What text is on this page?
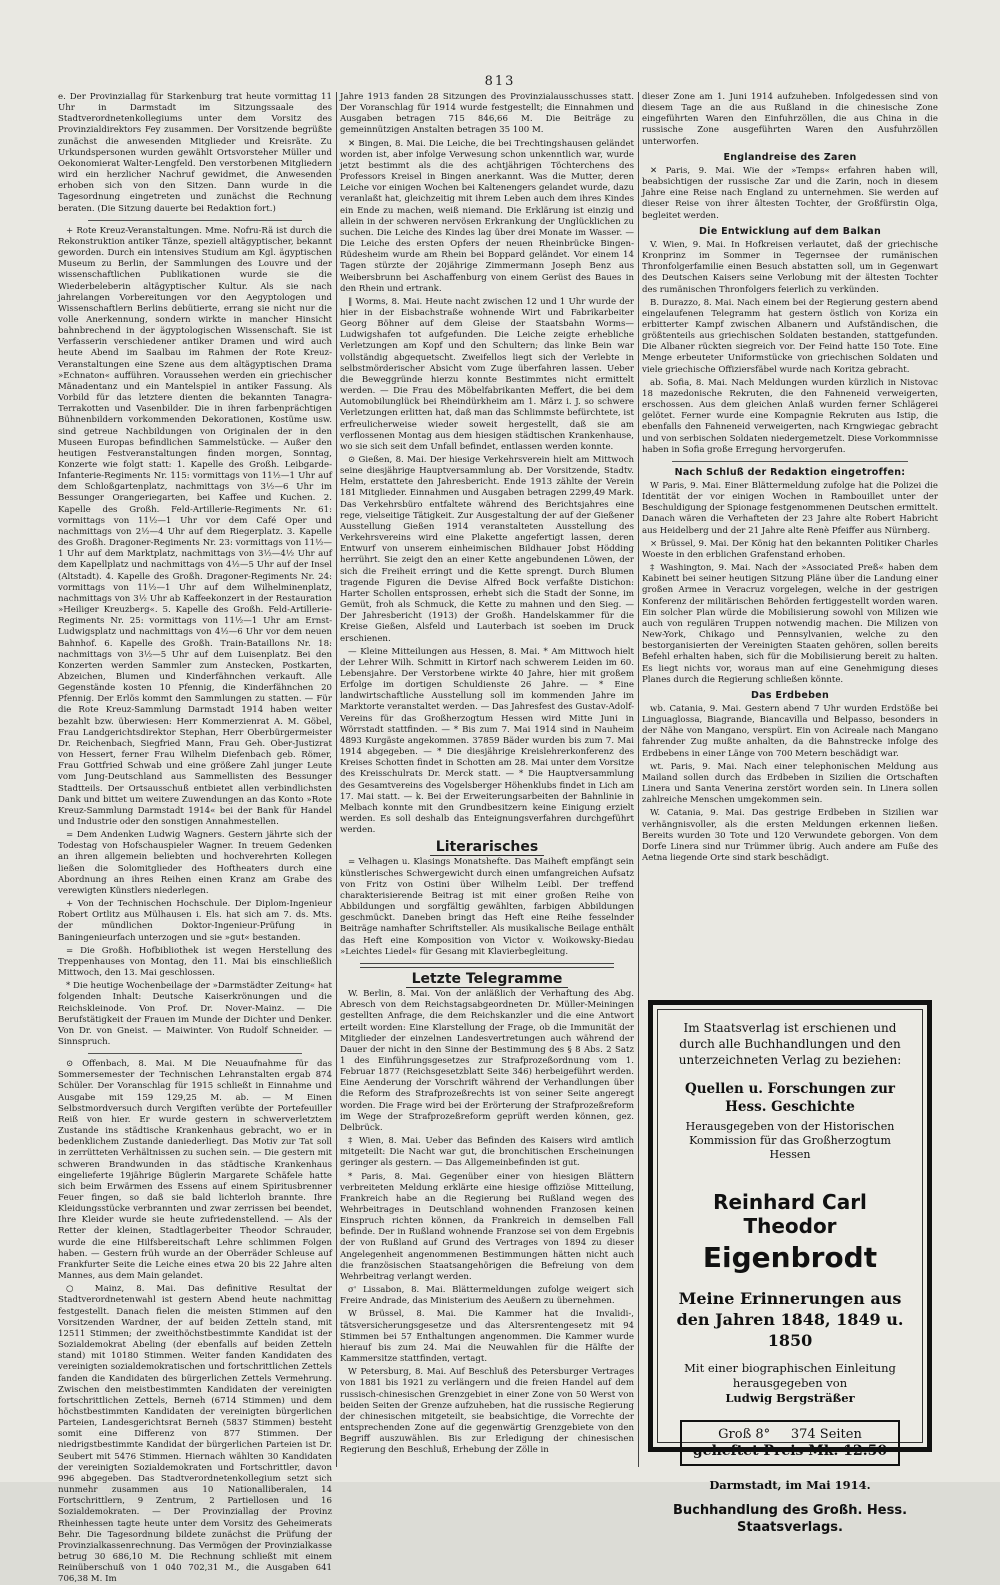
813

e. Der Provinziallag für Starkenburg trat heute vormittag 11 Uhr in Darmstadt im Sitzungssaale des Stadtverordnetenkollegiums unter dem Vorsitz des Provinzialdirektors Fey zusammen. Der Vorsitzende begrüßte zunächst die anwesenden Mitglieder und Kreisräte. Zu Urkundspersonen wurden gewählt Ortsvorsteher Müller und Oekonomierat Walter-Lengfeld. Den verstorbenen Mitgliedern wird ein herzlicher Nachruf gewidmet, die Anwesenden erhoben sich von den Sitzen. Dann wurde in die Tagesordnung eingetreten und zunächst die Rechnung beraten. (Die Sitzung dauerte bei Redaktion fort.)

+ Rote Kreuz-Veranstaltungen. Mme. Nofru-Rä ist durch die Rekonstruktion antiker Tänze, speziell altägyptischer, bekannt geworden. Durch ein intensives Studium am Kgl. ägyptischen Museum zu Berlin, der Sammlungen des Louvre und der wissenschaftlichen Publikationen wurde sie die Wiederbeleberin altägyptischer Kultur. Als sie nach jahrelangen Vorbereitungen vor den Aegyptologen und Wissenschaftlern Berlins debütierte, errang sie nicht nur die volle Anerkennung, sondern wirkte in mancher Hinsicht bahnbrechend in der ägyptologischen Wissenschaft. Sie ist Verfasserin verschiedener antiker Dramen und wird auch heute Abend im Saalbau im Rahmen der Rote Kreuz-Veranstaltungen eine Szene aus dem altägyptischen Drama »Echnaton« aufführen. Voraussehen werden ein griechischer Mänadentanz und ein Mantelspiel in antiker Fassung. Als Vorbild für das letztere dienten die bekannten Tanagra-Terrakotten und Vasenbilder. Die in ihren farbenprächtigen Bühnenbildern vorkommenden Dekorationen, Kostüme usw. sind getreue Nachbildungen von Originalen der in den Museen Europas befindlichen Sammelstücke. — Außer den heutigen Festveranstaltungen finden morgen, Sonntag, Konzerte wie folgt statt: 1. Kapelle des Großh. Leibgarde-Infanterie-Regiments Nr. 115: vormittags von 11½—1 Uhr auf dem Schloßgartenplatz, nachmittags von 3½—6 Uhr im Bessunger Orangeriegarten, bei Kaffee und Kuchen. 2. Kapelle des Großh. Feld-Artillerie-Regiments Nr. 61: vormittags von 11½—1 Uhr vor dem Café Oper und nachmittags von 2½—4 Uhr auf dem Riegerplatz. 3. Kapelle des Großh. Dragoner-Regiments Nr. 23: vormittags von 11½—1 Uhr auf dem Marktplatz, nachmittags von 3½—4½ Uhr auf dem Kapellplatz und nachmittags von 4½—5 Uhr auf der Insel (Altstadt). 4. Kapelle des Großh. Dragoner-Regiments Nr. 24: vormittags von 11½—1 Uhr auf dem Wilhelminenplatz, nachmittags von 3½ Uhr ab Kaffeekonzert in der Restauration »Heiliger Kreuzberg«. 5. Kapelle des Großh. Feld-Artillerie-Regiments Nr. 25: vormittags von 11½—1 Uhr am Ernst-Ludwigsplatz und nachmittags von 4½—6 Uhr vor dem neuen Bahnhof. 6. Kapelle des Großh. Train-Bataillons Nr. 18: nachmittags von 3½—5 Uhr auf dem Luisenplatz. Bei den Konzerten werden Sammler zum Anstecken, Postkarten, Abzeichen, Blumen und Kinderfähnchen verkauft. Alle Gegenstände kosten 10 Pfennig, die Kinderfähnchen 20 Pfennig. Der Erlös kommt den Sammlungen zu statten. — Für die Rote Kreuz-Sammlung Darmstadt 1914 haben weiter bezahlt bzw. überwiesen: Herr Kommerzienrat A. M. Göbel, Frau Landgerichtsdirektor Stephan, Herr Oberbürgermeister Dr. Reichenbach, Siegfried Mann, Frau Geh. Ober-Justizrat von Hessert, ferner Frau Wilhelm Diefenbach geb. Römer, Frau Gottfried Schwab und eine größere Zahl junger Leute vom Jung-Deutschland aus Sammellisten des Bessunger Stadtteils. Der Ortsausschuß entbietet allen verbindlichsten Dank und bittet um weitere Zuwendungen an das Konto »Rote Kreuz-Sammlung Darmstadt 1914« bei der Bank für Handel und Industrie oder den sonstigen Annahmestellen.

= Dem Andenken Ludwig Wagners. Gestern jährte sich der Todestag von Hofschauspieler Wagner. In treuem Gedenken an ihren allgemein beliebten und hochverehrten Kollegen ließen die Solomitglieder des Hoftheaters durch eine Abordnung an ihres Reihen einen Kranz am Grabe des verewigten Künstlers niederlegen.

+ Von der Technischen Hochschule. Der Diplom-Ingenieur Robert Ortlitz aus Mülhausen i. Els. hat sich am 7. ds. Mts. der mündlichen Doktor-Ingenieur-Prüfung in Baningenieurfach unterzogen und sie »gut« bestanden.

= Die Großh. Hofbibliothek ist wegen Herstellung des Treppenhauses von Montag, den 11. Mai bis einschließlich Mittwoch, den 13. Mai geschlossen.

* Die heutige Wochenbeilage der »Darmstädter Zeitung« hat folgenden Inhalt: Deutsche Kaiserkrönungen und die Reichskleinode. Von Prof. Dr. Nover-Mainz. — Die Berufstätigkeit der Frauen im Munde der Dichter und Denker. Von Dr. von Gneist. — Maiwinter. Von Rudolf Schneider. — Sinnspruch.

⊙ Offenbach, 8. Mai. M Die Neuaufnahme für das Sommersemester der Technischen Lehranstalten ergab 874 Schüler. Der Voranschlag für 1915 schließt in Einnahme und Ausgabe mit 159 129,25 M. ab. — M Einen Selbstmordversuch durch Vergiften verübte der Portefeuiller Reiß von hier. Er wurde gestern in schwerverletztem Zustande ins städtische Krankenhaus gebracht, wo er in bedenklichem Zustande daniederliegt. Das Motiv zur Tat soll in zerrütteten Verhältnissen zu suchen sein. — Die gestern mit schweren Brandwunden in das städtische Krankenhaus eingelieferte 19jährige Büglerin Margarete Schäfele hatte sich beim Erwärmen des Essens auf einem Spiritusbrenner Feuer fingen, so daß sie bald lichterloh brannte. Ihre Kleidungsstücke verbrannten und zwar zerrissen bei beendet, Ihre Kleider wurde sie heute zufriedenstellend. — Als der Retter der kleinen, Stadtlagerbeiter Theodor Schrauder, wurde die eine Hilfsbereitschaft Lehre schlimmen Folgen haben. — Gestern früh wurde an der Oberräder Schleuse auf Frankfurter Seite die Leiche eines etwa 20 bis 22 Jahre alten Mannes, aus dem Main gelandet.

○ Mainz, 8. Mai. Das definitive Resultat der Stadtverordnetenwahl ist gestern Abend heute nachmittag festgestellt. Danach fielen die meisten Stimmen auf den Vorsitzenden Wardner, der auf beiden Zetteln stand, mit 12511 Stimmen; der zweithöchstbestimmte Kandidat ist der Sozialdemokrat Abeling (der ebenfalls auf beiden Zetteln stand) mit 10180 Stimmen. Weiter fanden Kandidaten des vereinigten sozialdemokratischen und fortschrittlichen Zettels fanden die Kandidaten des bürgerlichen Zettels Vermehrung. Zwischen den meistbestimmten Kandidaten der vereinigten fortschrittlichen Zettels, Berneh (6714 Stimmen) und dem höchstbestimmten Kandidaten der vereinigten bürgerlichen Parteien, Landesgerichtsrat Berneh (5837 Stimmen) besteht somit eine Differenz von 877 Stimmen. Der niedrigstbestimmte Kandidat der bürgerlichen Parteien ist Dr. Seubert mit 5476 Stimmen. Hiernach wählten 30 Kandidaten der vereinigten Sozialdemokraten und Fortschrittler, davon 996 abgegeben. Das Stadtverordnetenkollegium setzt sich nunmehr zusammen aus 10 Nationalliberalen, 14 Fortschrittlern, 9 Zentrum, 2 Partiellosen und 16 Sozialdemokraten. — Der Provinziallag der Provinz Rheinhessen tagte heute unter dem Vorsitz des Geheimerats Behr. Die Tagesordnung bildete zunächst die Prüfung der Provinzialkassenrechnung. Das Vermögen der Provinzialkasse betrug 30 686,10 M. Die Rechnung schließt mit einem Reinüberschuß von 1 040 702,31 M., die Ausgaben 641 706,38 M. Im

Jahre 1913 fanden 28 Sitzungen des Provinzialausschusses statt. Der Voranschlag für 1914 wurde festgestellt; die Einnahmen und Ausgaben betragen 715 846,66 M. Die Beiträge zu gemeinnützigen Anstalten betragen 35 100 M.

✕ Bingen, 8. Mai. Die Leiche, die bei Trechtingshausen geländet worden ist, aber infolge Verwesung schon unkenntlich war, wurde jetzt bestimmt als die des achtjährigen Töchterchens des Professors Kreisel in Bingen anerkannt. Was die Mutter, deren Leiche vor einigen Wochen bei Kaltenengers gelandet wurde, dazu veranlaßt hat, gleichzeitig mit ihrem Leben auch dem ihres Kindes ein Ende zu machen, weiß niemand. Die Erklärung ist einzig und allein in der schweren nervösen Erkrankung der Unglücklichen zu suchen. Die Leiche des Kindes lag über drei Monate im Wasser. — Die Leiche des ersten Opfers der neuen Rheinbrücke Bingen-Rüdesheim wurde am Rhein bei Boppard geländet. Vor einem 14 Tagen stürzte der 20jährige Zimmermann Joseph Benz aus Weibersbrunn bei Aschaffenburg von einem Gerüst des Baues in den Rhein und ertrank.

‖ Worms, 8. Mai. Heute nacht zwischen 12 und 1 Uhr wurde der hier in der Eisbachstraße wohnende Wirt und Fabrikarbeiter Georg Böhner auf dem Gleise der Staatsbahn Worms—Ludwigshafen tot aufgefunden. Die Leiche zeigte erhebliche Verletzungen am Kopf und den Schultern; das linke Bein war vollständig abgequetscht. Zweifellos liegt sich der Verlebte in selbstmörderischer Absicht vom Zuge überfahren lassen. Ueber die Beweggründe hierzu konnte Bestimmtes nicht ermittelt werden. — Die Frau des Möbelfabrikanten Meffert, die bei dem Automobilunglück bei Rheindürkheim am 1. März i. J. so schwere Verletzungen erlitten hat, daß man das Schlimmste befürchtete, ist erfreulicherweise wieder soweit hergestellt, daß sie am verflossenen Montag aus dem hiesigen städtischen Krankenhause, wo sie sich seit dem Unfall befindet, entlassen werden konnte.

⊙ Gießen, 8. Mai. Der hiesige Verkehrsverein hielt am Mittwoch seine diesjährige Hauptversammlung ab. Der Vorsitzende, Stadtv. Helm, erstattete den Jahresbericht. Ende 1913 zählte der Verein 181 Mitglieder. Einnahmen und Ausgaben betragen 2299,49 Mark. Das Verkehrsbüro entfaltete während des Berichtsjahres eine rege, vielseitige Tätigkeit. Zur Ausgestaltung der auf der Gießener Ausstellung Gießen 1914 veranstalteten Ausstellung des Verkehrsvereins wird eine Plakette angefertigt lassen, deren Entwurf von unserem einheimischen Bildhauer Jobst Hödding herrührt. Sie zeigt den an einer Kette angebundenen Löwen, der sich die Freiheit erringt und die Kette sprengt. Durch Blumen tragende Figuren die Devise Alfred Bock verfaßte Distichon: Harter Schollen entsprossen, erhebt sich die Stadt der Sonne, im Gemüt, froh als Schmuck, die Kette zu mahnen und den Sieg. — Der Jahresbericht (1913) der Großh. Handelskammer für die Kreise Gießen, Alsfeld und Lauterbach ist soeben im Druck erschienen.

— Kleine Mitteilungen aus Hessen, 8. Mai. * Am Mittwoch hielt der Lehrer Wilh. Schmitt in Kirtorf nach schwerem Leiden im 60. Lebensjahre. Der Verstorbene wirkte 40 Jahre, hier mit großem Erfolge im dortigen Schuldienste 26 Jahre. — * Eine landwirtschaftliche Ausstellung soll im kommenden Jahre im Marktorte veranstaltet werden. — Das Jahresfest des Gustav-Adolf-Vereins für das Großherzogtum Hessen wird Mitte Juni in Wörrstadt stattfinden. — * Bis zum 7. Mai 1914 sind in Nauheim 4893 Kurgäste angekommen. 37859 Bäder wurden bis zum 7. Mai 1914 abgegeben. — * Die diesjährige Kreislehrerkonferenz des Kreises Schotten findet in Schotten am 28. Mai unter dem Vorsitze des Kreisschulrats Dr. Merck statt. — * Die Hauptversammlung des Gesamtvereins des Vogelsberger Höhenklubs findet in Lich am 17. Mai statt. — k. Bei der Erweiterungsarbeiten der Bahnlinie in Melbach konnte mit den Grundbesitzern keine Einigung erzielt werden. Es soll deshalb das Enteignungsverfahren durchgeführt werden.

Literarisches

= Velhagen u. Klasings Monatshefte. Das Maiheft empfängt sein künstlerisches Schwergewicht durch einen umfangreichen Aufsatz von Fritz von Ostini über Wilhelm Leibl. Der treffend charakterisierende Beitrag ist mit einer großen Reihe von Abbildungen und sorgfältig gewählten, farbigen Abbildungen geschmückt. Daneben bringt das Heft eine Reihe fesselnder Beiträge namhafter Schriftsteller. Als musikalische Beilage enthält das Heft eine Komposition von Victor v. Woikowsky-Biedau »Leichtes Liedel« für Gesang mit Klavierbegleitung.

Letzte Telegramme

W. Berlin, 8. Mai. Von der anläßlich der Verhaftung des Abg. Abresch von dem Reichstagsabgeordneten Dr. Müller-Meiningen gestellten Anfrage, die dem Reichskanzler und die eine Antwort erteilt worden: Eine Klarstellung der Frage, ob die Immunität der Mitglieder der einzelnen Landesvertretungen auch während der Dauer der nicht in den Sinne der Bestimmung des § 8 Abs. 2 Satz 1 des Einführungsgesetzes zur Strafprozeßordnung vom 1. Februar 1877 (Reichsgesetzblatt Seite 346) herbeigeführt werden. Eine Aenderung der Vorschrift während der Verhandlungen über die Reform des Strafprozeßrechts ist von seiner Seite angeregt worden. Die Frage wird bei der Erörterung der Strafprozeßreform im Wege der Strafprozeßreform geprüft werden können, gez. Delbrück.

‡ Wien, 8. Mai. Ueber das Befinden des Kaisers wird amtlich mitgeteilt: Die Nacht war gut, die bronchitischen Erscheinungen geringer als gestern. — Das Allgemeinbefinden ist gut.

* Paris, 8. Mai. Gegenüber einer von hiesigen Blättern verbreiteten Meldung erklärte eine hiesige offiziöse Mitteilung, Frankreich habe an die Regierung bei Rußland wegen des Wehrbeitrages in Deutschland wohnenden Franzosen keinen Einspruch richten können, da Frankreich in demselben Fall befinde. Der in Rußland wohnende Franzose sei von dem Ergebnis der von Rußland auf Grund des Vertrages von 1894 zu dieser Angelegenheit angenommenen Bestimmungen hätten nicht auch die französischen Staatsangehörigen die Befreiung von dem Wehrbeitrag verlangt werden.

σ' Lissabon, 8. Mai. Blättermeldungen zufolge weigert sich Freire Andrade, das Ministerium des Aeußern zu übernehmen.

W Brüssel, 8. Mai. Die Kammer hat die Invalidi-, tätsversicherungsgesetze und das Altersrentengesetz mit 94 Stimmen bei 57 Enthaltungen angenommen. Die Kammer wurde hierauf bis zum 24. Mai die Neuwahlen für die Hälfte der Kammersitze stattfinden, vertagt.

W Petersburg, 8. Mai. Auf Beschluß des Petersburger Vertrages von 1881 bis 1921 zu verlängern und die freien Handel auf dem russisch-chinesischen Grenzgebiet in einer Zone von 50 Werst von beiden Seiten der Grenze aufzuheben, hat die russische Regierung der chinesischen mitgeteilt, sie beabsichtige, die Vorrechte der entsprechenden Zone auf die gegenwärtig Grenzgebiete von den Begriff auszuwählen. Bis zur Erledigung der chinesischen Regierung den Beschluß, Erhebung der Zölle in

dieser Zone am 1. Juni 1914 aufzuheben. Infolgedessen sind von diesem Tage an die aus Rußland in die chinesische Zone eingeführten Waren den Einfuhrzöllen, die aus China in die russische Zone ausgeführten Waren den Ausfuhrzöllen unterworfen.

Englandreise des Zaren

✕ Paris, 9. Mai. Wie der »Temps« erfahren haben will, beabsichtigen der russische Zar und die Zarin, noch in diesem Jahre eine Reise nach England zu unternehmen. Sie werden auf dieser Reise von ihrer ältesten Tochter, der Großfürstin Olga, begleitet werden.

Die Entwicklung auf dem Balkan

V. Wien, 9. Mai. In Hofkreisen verlautet, daß der griechische Kronprinz im Sommer in Tegernsee der rumänischen Thronfolgerfamilie einen Besuch abstatten soll, um in Gegenwart des Deutschen Kaisers seine Verlobung mit der ältesten Tochter des rumänischen Thronfolgers feierlich zu verkünden.

B. Durazzo, 8. Mai. Nach einem bei der Regierung gestern abend eingelaufenen Telegramm hat gestern östlich von Koriza ein erbitterter Kampf zwischen Albanern und Aufständischen, die größtenteils aus griechischen Soldaten bestanden, stattgefunden. Die Albaner rückten siegreich vor. Der Feind hatte 150 Tote. Eine Menge erbeuteter Uniformstücke von griechischen Soldaten und viele griechische Offiziersfäbel wurde nach Koritza gebracht.

ab. Sofia, 8. Mai. Nach Meldungen wurden kürzlich in Nistovac 18 mazedonische Rekruten, die den Fahneneid verweigerten, erschossen. Aus dem gleichen Anlaß wurden ferner Schlägerei gelötet. Ferner wurde eine Kompagnie Rekruten aus Istip, die ebenfalls den Fahneneid verweigerten, nach Krngwiegac gebracht und von serbischen Soldaten niedergemetzelt. Diese Vorkommnisse haben in Sofia große Erregung hervorgerufen.

Nach Schluß der Redaktion eingetroffen:

W Paris, 9. Mai. Einer Blättermeldung zufolge hat die Polizei die Identität der vor einigen Wochen in Rambouillet unter der Beschuldigung der Spionage festgenommenen Deutschen ermittelt. Danach wären die Verhafteten der 23 Jahre alte Robert Habricht aus Heidelberg und der 21 Jahre alte Renè Pfeiffer aus Nürnberg.

⨯ Brüssel, 9. Mai. Der König hat den bekannten Politiker Charles Woeste in den erblichen Grafenstand erhoben.

‡ Washington, 9. Mai. Nach der »Associated Preß« haben dem Kabinett bei seiner heutigen Sitzung Pläne über die Landung einer großen Armee in Veracruz vorgelegen, welche in der gestrigen Konferenz der militärischen Behörden fertiggestellt worden waren. Ein solcher Plan würde die Mobilisierung sowohl von Milizen wie auch von regulären Truppen notwendig machen. Die Milizen von New-York, Chikago und Pennsylvanien, welche zu den bestorganisierten der Vereinigten Staaten gehören, sollen bereits Befehl erhalten haben, sich für die Mobilisierung bereit zu halten. Es liegt nichts vor, woraus man auf eine Genehmigung dieses Planes durch die Regierung schließen könnte.

Das Erdbeben

wb. Catania, 9. Mai. Gestern abend 7 Uhr wurden Erdstöße bei Linguaglossa, Biagrande, Biancavilla und Belpasso, besonders in der Nähe von Mangano, verspürt. Ein von Acireale nach Mangano fahrender Zug mußte anhalten, da die Bahnstrecke infolge des Erdbebens in einer Länge von 700 Metern beschädigt war.

wt. Paris, 9. Mai. Nach einer telephonischen Meldung aus Mailand sollen durch das Erdbeben in Sizilien die Ortschaften Linera und Santa Venerina zerstört worden sein. In Linera sollen zahlreiche Menschen umgekommen sein.

W. Catania, 9. Mai. Das gestrige Erdbeben in Sizilien war verhängnisvoller, als die ersten Meldungen erkennen ließen. Bereits wurden 30 Tote und 120 Verwundete geborgen. Von dem Dorfe Linera sind nur Trümmer übrig. Auch andere am Fuße des Aetna liegende Orte sind stark beschädigt.

Im Staatsverlag ist erschienen und durch alle Buchhandlungen und den unterzeichneten Verlag zu beziehen:
Quellen u. Forschungen zur Hess. Geschichte
Herausgegeben von der Historischen Kommission für das Großherzogtum Hessen
Reinhard Carl Theodor
Eigenbrodt
Meine Erinnerungen aus den Jahren 1848, 1849 u. 1850
Mit einer biographischen Einleitung herausgegeben von
Ludwig Bergsträßer
Groß 8° 374 Seiten
geheftet Preis Mk. 12.50
Darmstadt, im Mai 1914.
Buchhandlung des Großh. Hess. Staatsverlags.
